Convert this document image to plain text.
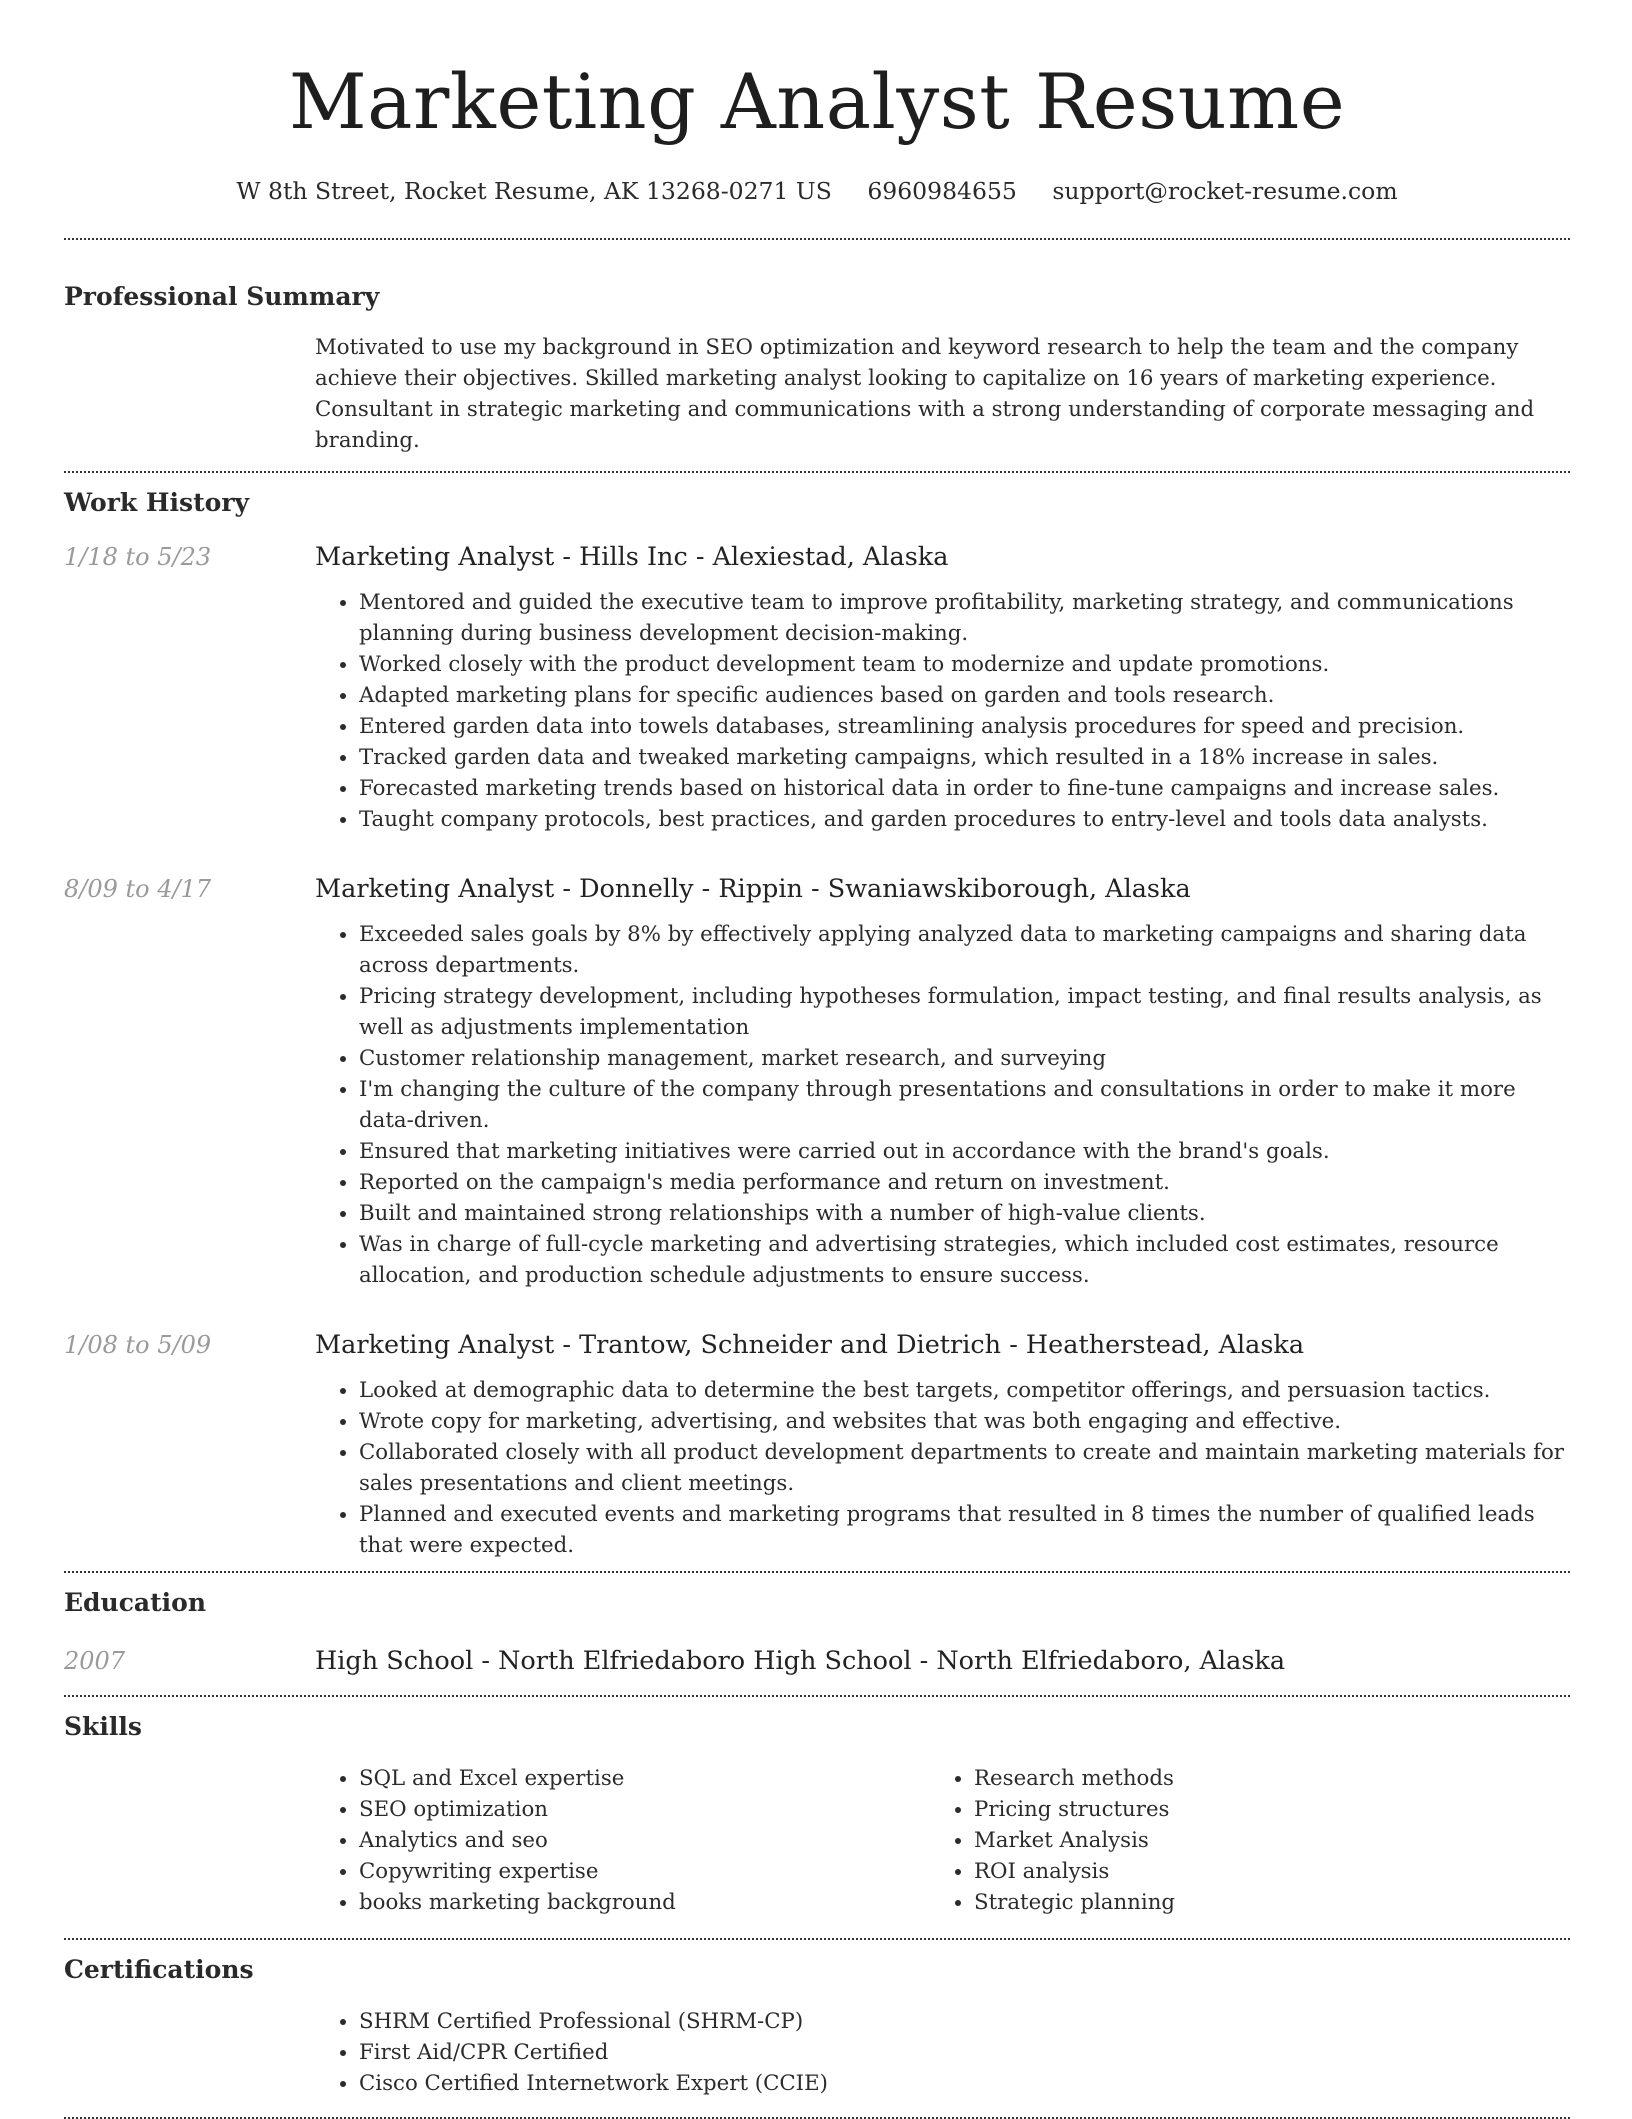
Marketing Analyst Resume
W 8th Street, Rocket Resume, AK 13268-0271 US 6960984655 support@rocket-resume.com
Professional Summary
Motivated to use my background in SEO optimization and keyword research to help the team and the company achieve their objectives. Skilled marketing analyst looking to capitalize on 16 years of marketing experience. Consultant in strategic marketing and communications with a strong understanding of corporate messaging and branding.
Work History
1/18 to 5/23	Marketing Analyst - Hills Inc - Alexiestad, Alaska
• Mentored and guided the executive team to improve profitability, marketing strategy, and communications planning during business development decision-making.
• Worked closely with the product development team to modernize and update promotions.
• Adapted marketing plans for specific audiences based on garden and tools research.
• Entered garden data into towels databases, streamlining analysis procedures for speed and precision.
• Tracked garden data and tweaked marketing campaigns, which resulted in a 18% increase in sales.
• Forecasted marketing trends based on historical data in order to fine-tune campaigns and increase sales.
• Taught company protocols, best practices, and garden procedures to entry-level and tools data analysts.
8/09 to 4/17	Marketing Analyst - Donnelly - Rippin - Swaniawskiborough, Alaska
• Exceeded sales goals by 8% by effectively applying analyzed data to marketing campaigns and sharing data across departments.
• Pricing strategy development, including hypotheses formulation, impact testing, and final results analysis, as well as adjustments implementation
• Customer relationship management, market research, and surveying
• I'm changing the culture of the company through presentations and consultations in order to make it more data-driven.
• Ensured that marketing initiatives were carried out in accordance with the brand's goals.
• Reported on the campaign's media performance and return on investment.
• Built and maintained strong relationships with a number of high-value clients.
• Was in charge of full-cycle marketing and advertising strategies, which included cost estimates, resource allocation, and production schedule adjustments to ensure success.
1/08 to 5/09	Marketing Analyst - Trantow, Schneider and Dietrich - Heatherstead, Alaska
• Looked at demographic data to determine the best targets, competitor offerings, and persuasion tactics.
• Wrote copy for marketing, advertising, and websites that was both engaging and effective.
• Collaborated closely with all product development departments to create and maintain marketing materials for sales presentations and client meetings.
• Planned and executed events and marketing programs that resulted in 8 times the number of qualified leads that were expected.
Education
2007	High School - North Elfriedaboro High School - North Elfriedaboro, Alaska
Skills
• SQL and Excel expertise
• SEO optimization
• Analytics and seo
• Copywriting expertise
• books marketing background
• Research methods
• Pricing structures
• Market Analysis
• ROI analysis
• Strategic planning
Certifications
• SHRM Certified Professional (SHRM-CP)
• First Aid/CPR Certified
• Cisco Certified Internetwork Expert (CCIE)
